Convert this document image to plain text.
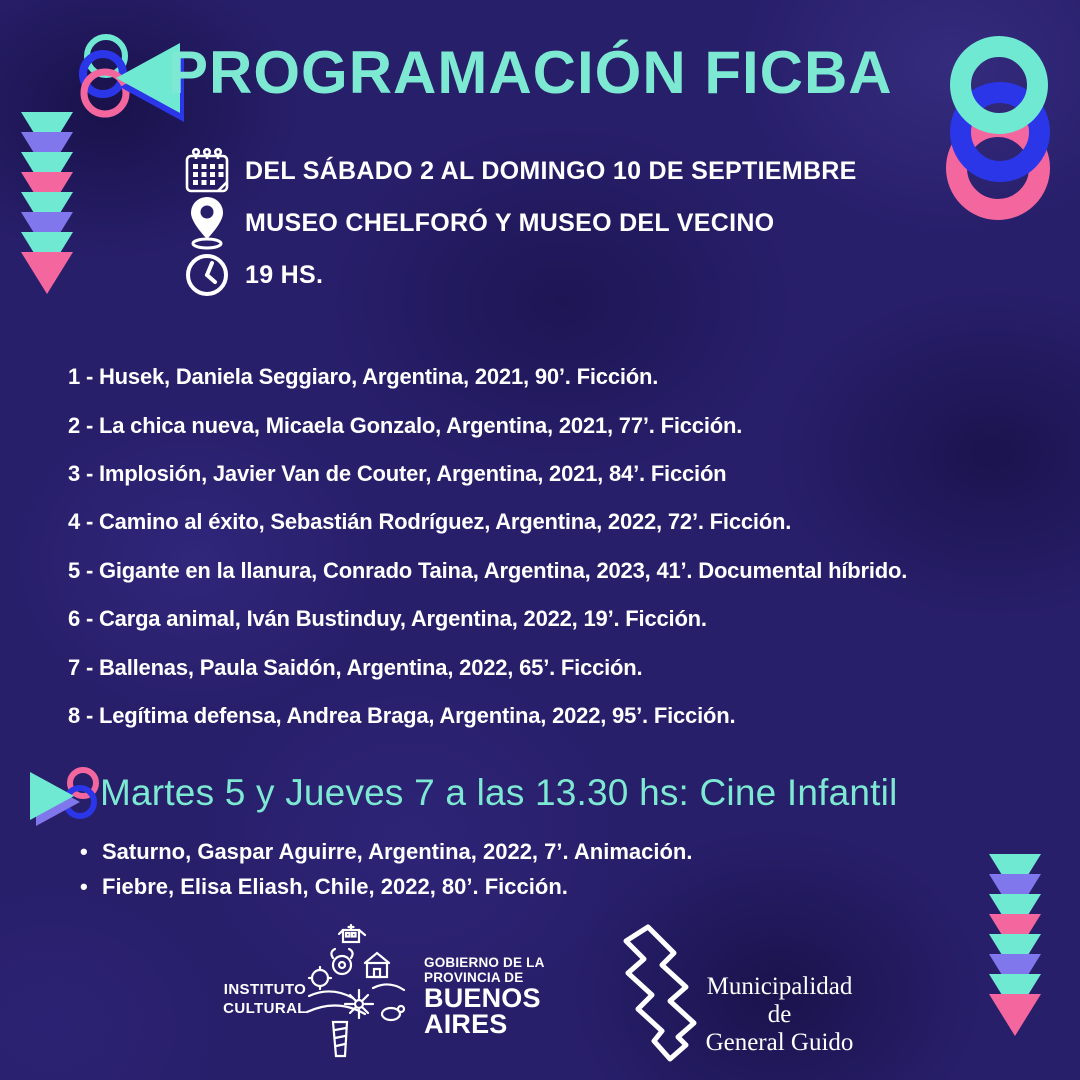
PROGRAMACIÓN FICBA
DEL SÁBADO 2 AL DOMINGO 10 DE SEPTIEMBRE
MUSEO CHELFORÓ Y MUSEO DEL VECINO
19 HS.
1 - Husek, Daniela Seggiaro, Argentina, 2021, 90’. Ficción.
2 - La chica nueva, Micaela Gonzalo, Argentina, 2021, 77’. Ficción.
3 - Implosión, Javier Van de Couter, Argentina, 2021, 84’. Ficción
4 - Camino al éxito, Sebastián Rodríguez, Argentina, 2022, 72’. Ficción.
5 - Gigante en la llanura, Conrado Taina, Argentina, 2023, 41’. Documental híbrido.
6 - Carga animal, Iván Bustinduy, Argentina, 2022, 19’. Ficción.
7 - Ballenas, Paula Saidón, Argentina, 2022, 65’. Ficción.
8 - Legítima defensa, Andrea Braga, Argentina, 2022, 95’. Ficción.
Martes 5 y Jueves 7 a las 13.30 hs: Cine Infantil
• Saturno, Gaspar Aguirre, Argentina, 2022, 7’. Animación.
• Fiebre, Elisa Eliash, Chile, 2022, 80’. Ficción.
INSTITUTO
CULTURAL
GOBIERNO DE LA
PROVINCIA DE
BUENOS
AIRES
Municipalidad de
General Guido
